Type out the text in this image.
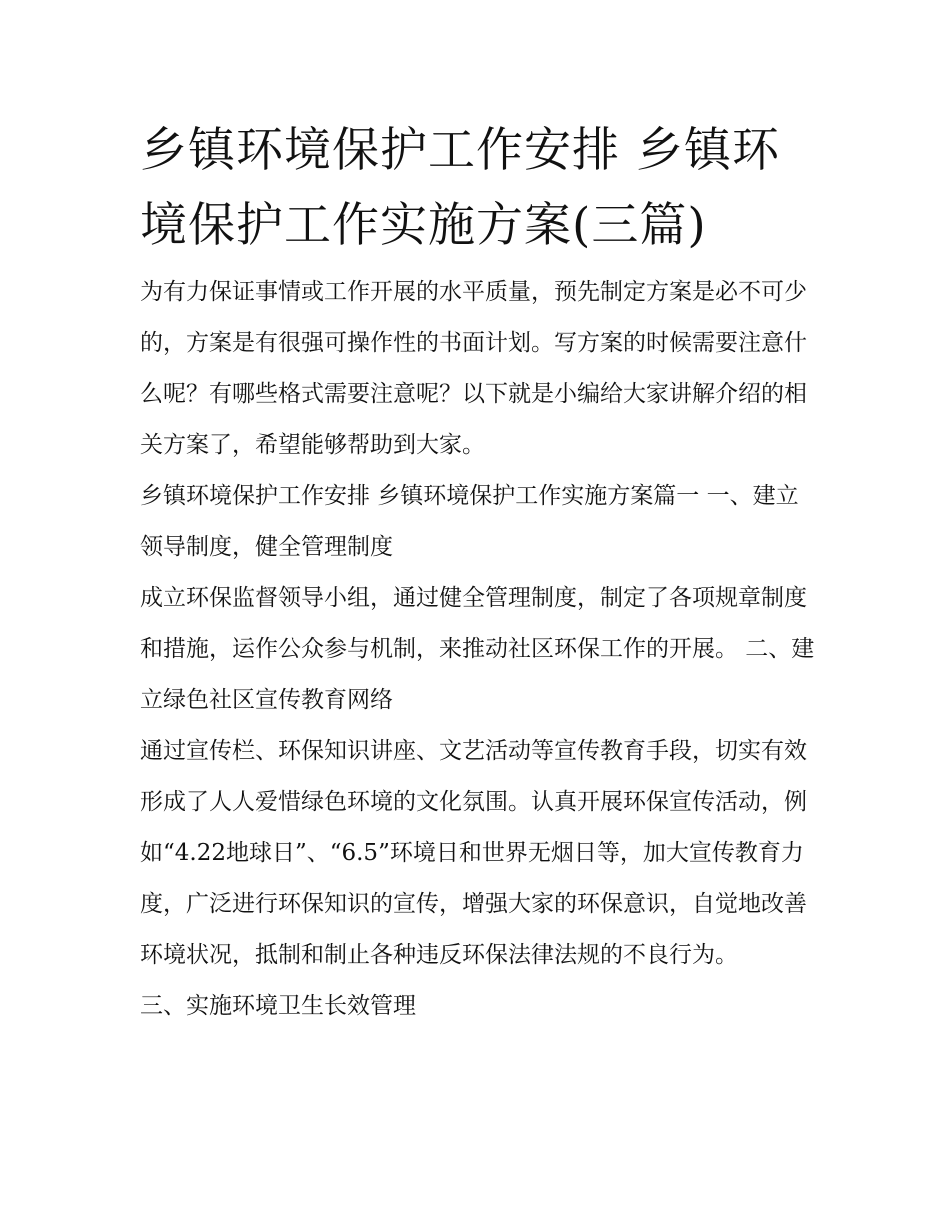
乡镇环境保护工作安排 乡镇环境保护工作实施方案(三篇)

为有力保证事情或工作开展的水平质量，预先制定方案是必不可少的，方案是有很强可操作性的书面计划。写方案的时候需要注意什么呢？有哪些格式需要注意呢？以下就是小编给大家讲解介绍的相关方案了，希望能够帮助到大家。

乡镇环境保护工作安排 乡镇环境保护工作实施方案篇一 一、建立领导制度，健全管理制度

成立环保监督领导小组，通过健全管理制度，制定了各项规章制度和措施，运作公众参与机制，来推动社区环保工作的开展。 二、建立绿色社区宣传教育网络

通过宣传栏、环保知识讲座、文艺活动等宣传教育手段，切实有效形成了人人爱惜绿色环境的文化氛围。认真开展环保宣传活动，例如“4.22地球日”、“6.5”环境日和世界无烟日等，加大宣传教育力度，广泛进行环保知识的宣传，增强大家的环保意识，自觉地改善环境状况，抵制和制止各种违反环保法律法规的不良行为。

三、实施环境卫生长效管理
